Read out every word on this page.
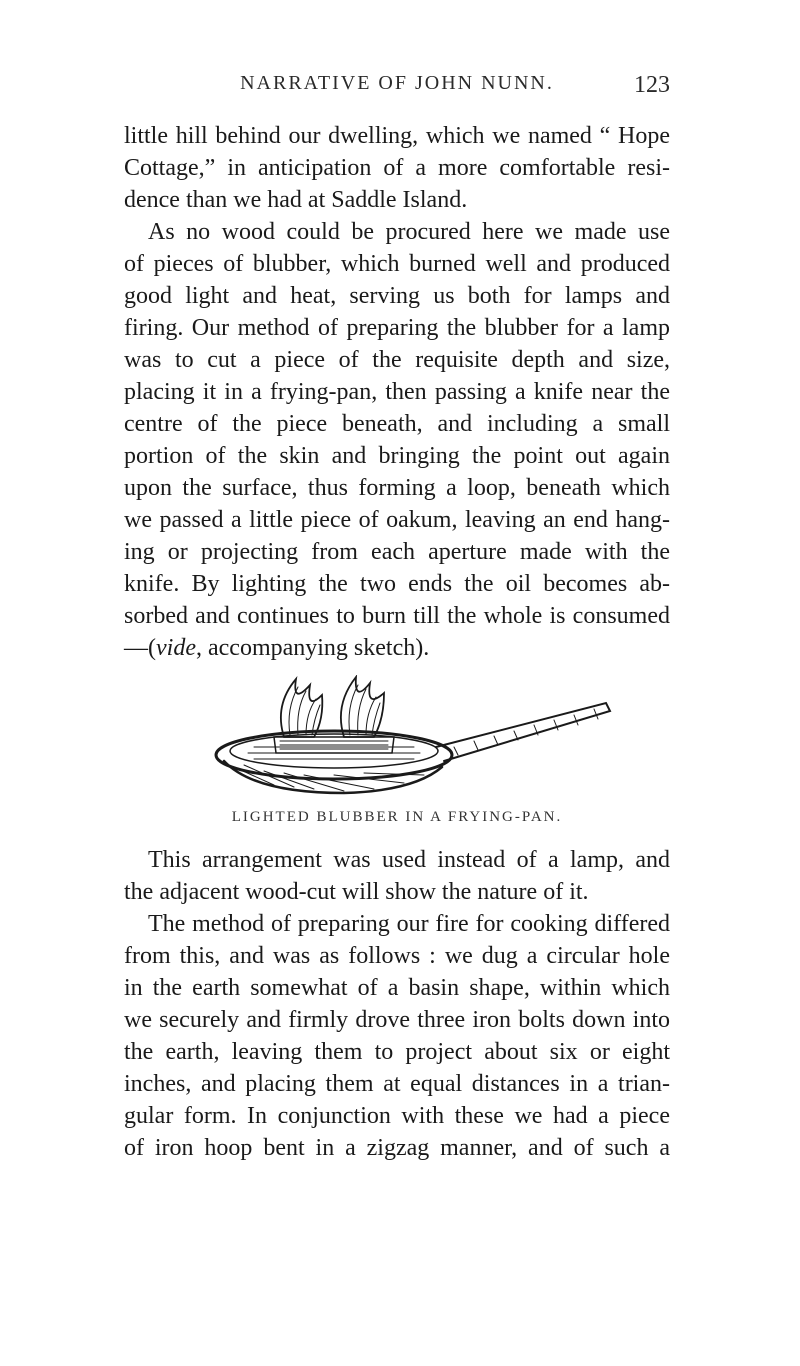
NARRATIVE OF JOHN NUNN.	123
little hill behind our dwelling, which we named “ Hope
Cottage,” in anticipation of a more comfortable resi-
dence than we had at Saddle Island.
As no wood could be procured here we made use
of pieces of blubber, which burned well and produced
good light and heat, serving us both for lamps and
firing. Our method of preparing the blubber for a lamp
was to cut a piece of the requisite depth and size,
placing it in a frying-pan, then passing a knife near the
centre of the piece beneath, and including a small
portion of the skin and bringing the point out again
upon the surface, thus forming a loop, beneath which
we passed a little piece of oakum, leaving an end hang-
ing or projecting from each aperture made with the
knife. By lighting the two ends the oil becomes ab-
sorbed and continues to burn till the whole is consumed
—(vide, accompanying sketch).
LIGHTED BLUBBER IN A FRYING-PAN.
This arrangement was used instead of a lamp, and
the adjacent wood-cut will show the nature of it.
The method of preparing our fire for cooking differed
from this, and was as follows : we dug a circular hole
in the earth somewhat of a basin shape, within which
we securely and firmly drove three iron bolts down into
the earth, leaving them to project about six or eight
inches, and placing them at equal distances in a trian-
gular form. In conjunction with these we had a piece
of iron hoop bent in a zigzag manner, and of such a
